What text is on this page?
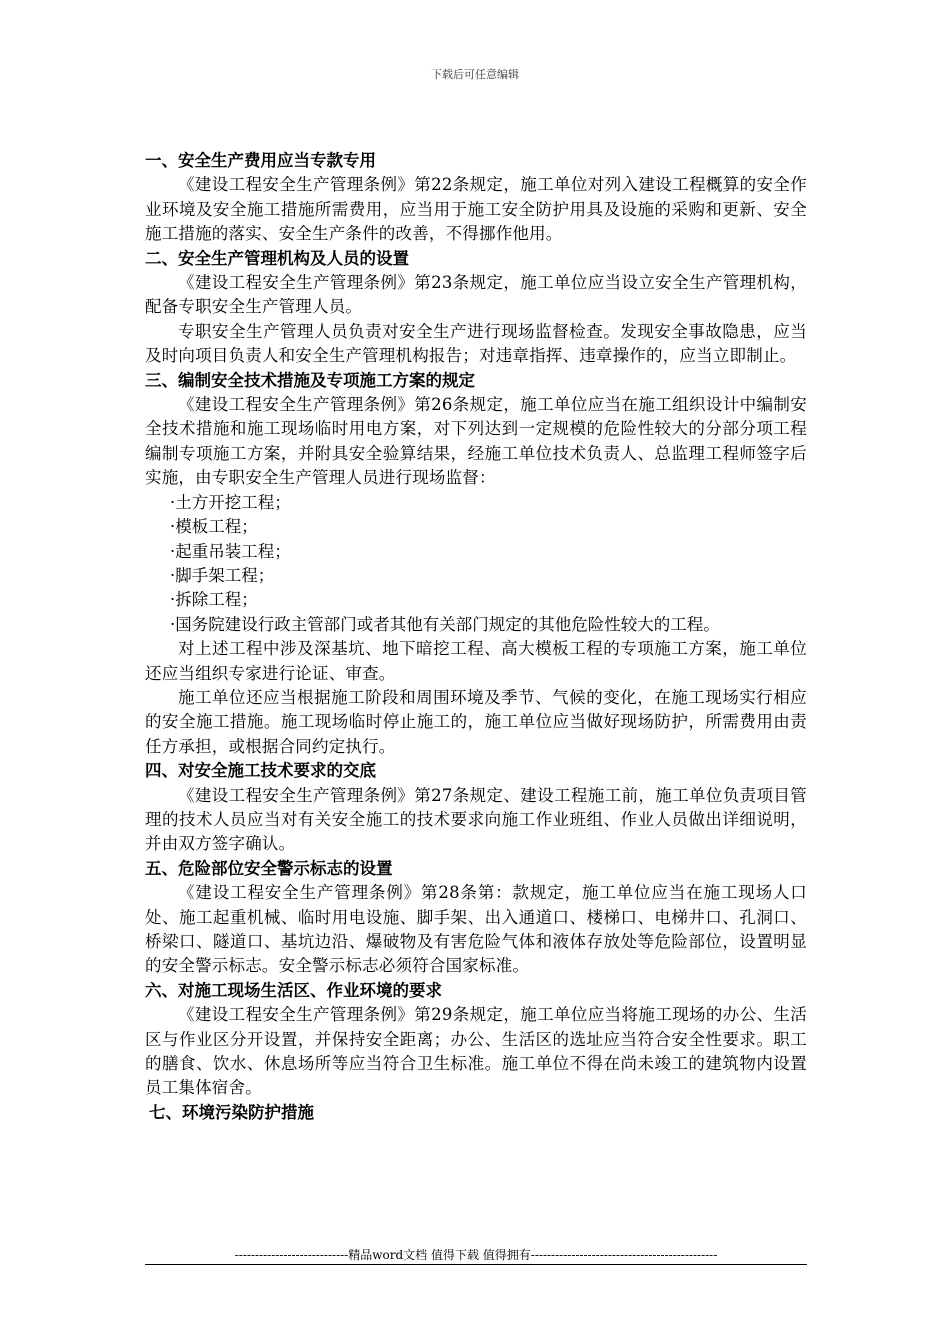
下载后可任意编辑

一、安全生产费用应当专款专用

《建设工程安全生产管理条例》第22条规定，施工单位对列入建设工程概算的安全作业环境及安全施工措施所需费用，应当用于施工安全防护用具及设施的采购和更新、安全施工措施的落实、安全生产条件的改善，不得挪作他用。

二、安全生产管理机构及人员的设置

《建设工程安全生产管理条例》第23条规定，施工单位应当设立安全生产管理机构，配备专职安全生产管理人员。

专职安全生产管理人员负责对安全生产进行现场监督检查。发现安全事故隐患，应当及时向项目负责人和安全生产管理机构报告；对违章指挥、违章操作的，应当立即制止。

三、编制安全技术措施及专项施工方案的规定

《建设工程安全生产管理条例》第26条规定，施工单位应当在施工组织设计中编制安全技术措施和施工现场临时用电方案，对下列达到一定规模的危险性较大的分部分项工程编制专项施工方案，并附具安全验算结果，经施工单位技术负责人、总监理工程师签字后实施，由专职安全生产管理人员进行现场监督：

·土方开挖工程；

·模板工程；

·起重吊装工程；

·脚手架工程；

·拆除工程；

·国务院建设行政主管部门或者其他有关部门规定的其他危险性较大的工程。

对上述工程中涉及深基坑、地下暗挖工程、高大模板工程的专项施工方案，施工单位还应当组织专家进行论证、审查。

施工单位还应当根据施工阶段和周围环境及季节、气候的变化，在施工现场实行相应的安全施工措施。施工现场临时停止施工的，施工单位应当做好现场防护，所需费用由责任方承担，或根据合同约定执行。

四、对安全施工技术要求的交底

《建设工程安全生产管理条例》第27条规定、建设工程施工前，施工单位负责项目管理的技术人员应当对有关安全施工的技术要求向施工作业班组、作业人员做出详细说明，并由双方签字确认。

五、危险部位安全警示标志的设置

《建设工程安全生产管理条例》第28条第：款规定，施工单位应当在施工现场人口处、施工起重机械、临时用电设施、脚手架、出入通道口、楼梯口、电梯井口、孔洞口、桥梁口、隧道口、基坑边沿、爆破物及有害危险气体和液体存放处等危险部位，设置明显的安全警示标志。安全警示标志必须符合国家标准。

六、对施工现场生活区、作业环境的要求

《建设工程安全生产管理条例》第29条规定，施工单位应当将施工现场的办公、生活区与作业区分开设置，并保持安全距离；办公、生活区的选址应当符合安全性要求。职工的膳食、饮水、休息场所等应当符合卫生标准。施工单位不得在尚未竣工的建筑物内设置员工集体宿舍。

七、环境污染防护措施

----------------------------精品word文档 值得下载 值得拥有----------------------------------------------
